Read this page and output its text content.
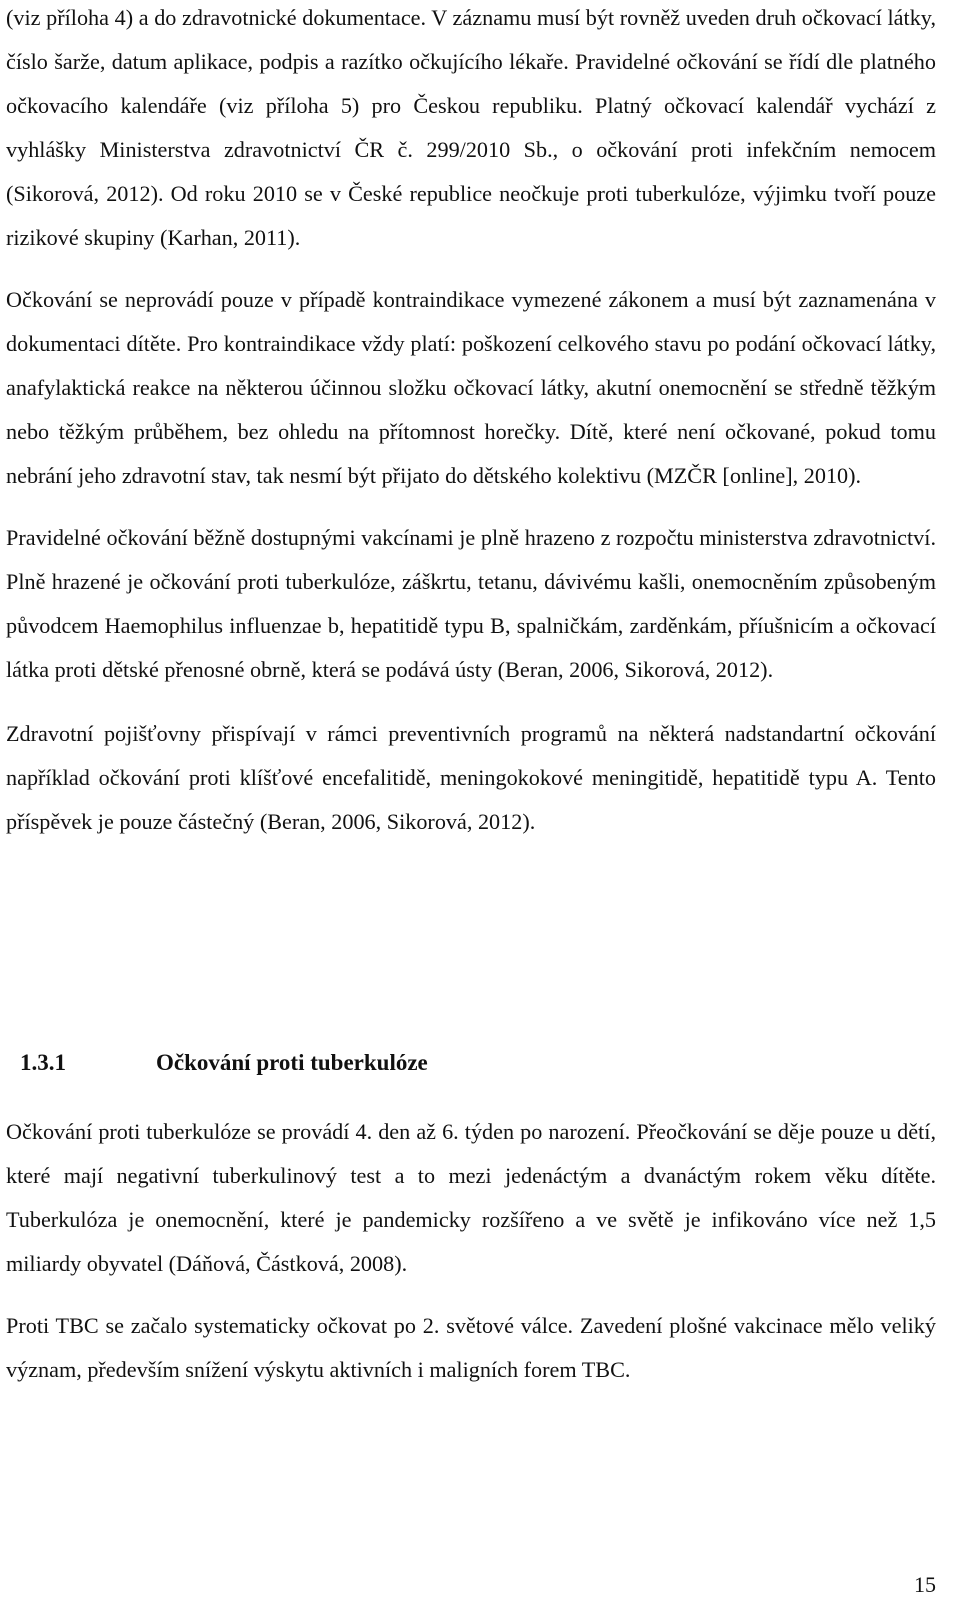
(viz příloha 4) a do zdravotnické dokumentace. V záznamu musí být rovněž uveden druh očkovací látky, číslo šarže, datum aplikace, podpis a razítko očkujícího lékaře. Pravidelné očkování se řídí dle platného očkovacího kalendáře (viz příloha 5) pro Českou republiku. Platný očkovací kalendář vychází z vyhlášky Ministerstva zdravotnictví ČR č. 299/2010 Sb., o očkování proti infekčním nemocem (Sikorová, 2012). Od roku 2010 se v České republice neočkuje proti tuberkulóze, výjimku tvoří pouze rizikové skupiny (Karhan, 2011).

Očkování se neprovádí pouze v případě kontraindikace vymezené zákonem a musí být zaznamenána v dokumentaci dítěte. Pro kontraindikace vždy platí: poškození celkového stavu po podání očkovací látky, anafylaktická reakce na některou účinnou složku očkovací látky, akutní onemocnění se středně těžkým nebo těžkým průběhem, bez ohledu na přítomnost horečky. Dítě, které není očkované, pokud tomu nebrání jeho zdravotní stav, tak nesmí být přijato do dětského kolektivu (MZČR [online], 2010).

Pravidelné očkování běžně dostupnými vakcínami je plně hrazeno z rozpočtu ministerstva zdravotnictví. Plně hrazené je očkování proti tuberkulóze, záškrtu, tetanu, dávivému kašli, onemocněním způsobeným původcem Haemophilus influenzae b, hepatitidě typu B, spalničkám, zarděnkám, příušnicím a očkovací látka proti dětské přenosné obrně, která se podává ústy (Beran, 2006, Sikorová, 2012).

Zdravotní pojišťovny přispívají v rámci preventivních programů na některá nadstandartní očkování například očkování proti klíšťové encefalitidě, meningokokové meningitidě, hepatitidě typu A. Tento příspěvek je pouze částečný (Beran, 2006, Sikorová, 2012).

1.3.1	Očkování proti tuberkulóze

Očkování proti tuberkulóze se provádí 4. den až 6. týden po narození. Přeočkování se děje pouze u dětí, které mají negativní tuberkulinový test a to mezi jedenáctým a dvanáctým rokem věku dítěte. Tuberkulóza je onemocnění, které je pandemicky rozšířeno a ve světě je infikováno více než 1,5 miliardy obyvatel (Dáňová, Částková, 2008).

Proti TBC se začalo systematicky očkovat po 2. světové válce. Zavedení plošné vakcinace mělo veliký význam, především snížení výskytu aktivních i maligních forem TBC.

15
